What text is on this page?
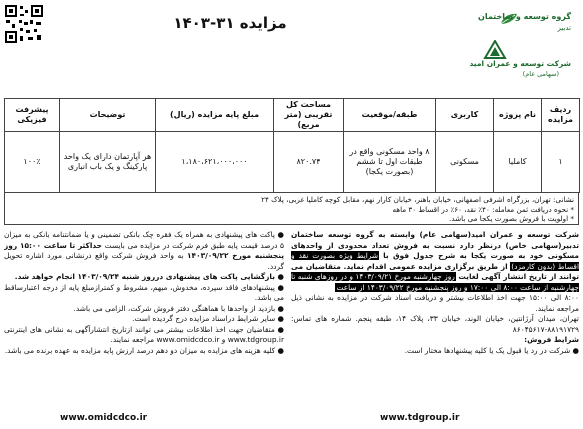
مزایده ۳۱-۱۴۰۳	گروه توسعه و ساختمان
تدبیر
شرکت توسعه و عمران امید
(سهامی عام)
ردیف مزایده	نام پروژه	کاربری	طبقه/موقعیت	مساحت کل تقریبی (متر مربع)	مبلغ پایه مزایده (ریال)	توضیحات	پیشرفت فیزیکی
۱	کاملیا	مسکونی	۸ واحد مسکونی واقع در طبقات اول تا ششم (بصورت یکجا)	۸۲۰.۷۴	۱،۱۸۰،۶۲۱،۰۰۰،۰۰۰	هر آپارتمان دارای یک واحد پارکینگ و یک باب انباری	۱۰۰٪
نشانی: تهران، بزرگراه اشرفی اصفهانی، خیابان باهنر، خیابان کارار نهم، مقابل کوچه کاملیا غربی، پلاک ۲۴
* نحوه دریافت ثمن معامله: ۴۰٪ نقد، ۶۰٪ در اقساط ۳۰ ماهه
* اولویت با فروش بصورت یکجا می باشد.

شرکت توسعه و عمران امید(سهامی عام) وابسته به گروه توسعه ساختمان تدبیر(سهامی خاص) درنظر دارد نسبت به فروش تعداد محدودی از واحدهای مسکونی خود به صورت یکجا به شرح جدول فوق با شرایط ویژه بصورت نقد و اقساط (بدون کارمزد) از طریق برگزاری مزایده عمومی اقدام نماید. متقاضیان می توانند از تاریخ انتشار آگهی لغایت روز چهارشنبه مورخ ۱۴۰۳/۰۹/۲۱ و در روزهای شنبه تا چهارشنبه از ساعت ۸:۰۰ الی ۱۷:۰۰ و روز پنجشنبه مورخ ۱۴۰۳/۰۹/۲۲ از ساعت

۸:۰۰ الی ۱۵:۰۰ جهت اخذ اطلاعات بیشتر و دریافت اسناد شرکت در مزایده به نشانی ذیل مراجعه نمایند.

تهران، میدان آرژانتین، خیابان الوند، خیابان ۳۳، پلاک ۱۴، طبقه پنجم. شماره های تماس: ۸۸۱۹۱۷۲۹-۸۶۰۴۵۶۱۷

شرایط فروش:

● شرکت در رد یا قبول یک یا کلیه پیشنهادها مختار است.

● پاکت های پیشنهادی به همراه یک فقره چک بانکی تضمینی و یا ضمانتنامه بانکی به میزان ۵ درصد قیمت پایه طبق فرم شرکت در مزایده می بایست حداکثر تا ساعت ۱۵:۰۰ روز پنجشنبه مورخ ۱۴۰۳/۰۹/۲۲ به واحد فروش شرکت واقع درنشانی مورد اشاره تحویل گردد.

● بازگشایی پاکت های پیشنهادی درروز شنبه ۱۴۰۳/۰۹/۲۴ انجام خواهد شد.

● پیشنهادهای فاقد سپرده، مخدوش، مبهم، مشروط و کمترازمبلغ پایه از درجه اعتبارساقط می باشد.

● بازدید از واحدها با هماهنگی دفتر فروش شرکت، الزامی می باشد.

● سایر شرایط دراسناد مزایده درج گردیده است.

● متقاضیان جهت اخذ اطلاعات بیشتر می توانند ازتاریخ انتشارآگهی به نشانی های اینترنتی www.tdgroup.ir و www.omidcdco.ir مراجعه نمایند.

● کلیه هزینه های مزایده به میزان دو دهم درصد ارزش پایه مزایده به عهده برنده می باشد.

www.omidcdco.ir	www.tdgroup.ir
